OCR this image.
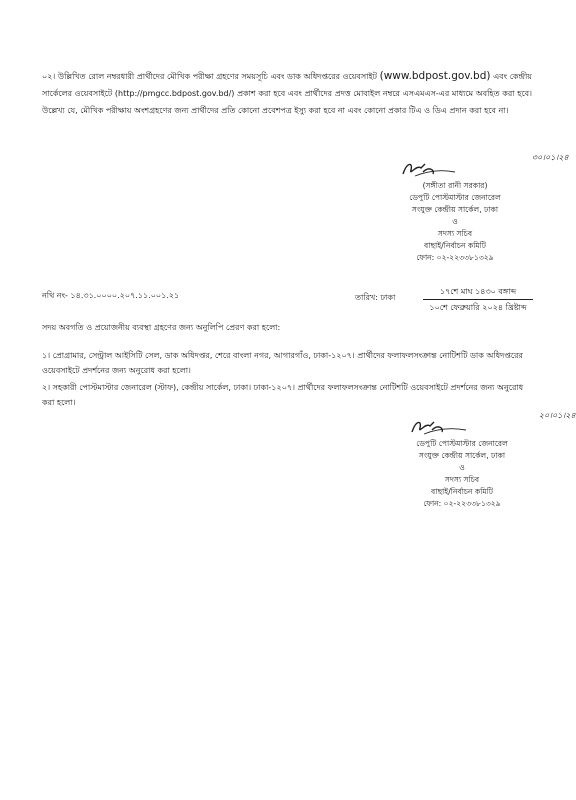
০২। উল্লিখিত রোল নম্বরধারী প্রার্থীদের মৌখিক পরীক্ষা গ্রহণের সময়সূচি এবং ডাক অধিদপ্তরের ওয়েবসাইট (www.bdpost.gov.bd) এবং কেন্দ্রীয় সার্কেলের ওয়েবসাইটে (http://pmgcc.bdpost.gov.bd/) প্রকাশ করা হবে এবং প্রার্থীদের প্রদত্ত মোবাইল নম্বরে এসএমএস-এর মাধ্যমে অবহিত করা হবে। উল্লেখ্য যে, মৌখিক পরীক্ষায় অংশগ্রহণের জন্য প্রার্থীদের প্রতি কোনো প্রবেশপত্র ইস্যু করা হবে না এবং কোনো প্রকার টিএ ও ডিএ প্রদান করা হবে না।
৩০।০১।২৪
(সঙ্গীতা রানী সরকার)
ডেপুটি পোস্টমাস্টার জেনারেল
সংযুক্ত কেন্দ্রীয় সার্কেল, ঢাকা
ও
সদস্য সচিব
বাছাই/নির্বাচন কমিটি
ফোন: ০২-২২৩৩৮১৩২৯
নথি নং- ১৪.৩১.০০০০.২০৭.১১.০০১.২১	তারিখ: ঢাকা
১৭শে মাঘ ১৪৩০ বঙ্গাব্দ
১০শে ফেব্রুয়ারি ২০২৪ খ্রিষ্টাব্দ
সদয় অবগতি ও প্রয়োজনীয় ব্যবস্থা গ্রহণের জন্য অনুলিপি প্রেরণ করা হলো:
১। প্রোগ্রামার, সেন্ট্রাল আইসিটি সেল, ডাক অধিদপ্তর, শেরে বাংলা নগর, আগারগাঁও, ঢাকা-১২০৭। প্রার্থীদের ফলাফলসংক্রান্ত নোটিশটি ডাক অধিদপ্তরের ওয়েবসাইটে প্রদর্শনের জন্য অনুরোধ করা হলো।
২। সহকারী পোস্টমাস্টার জেনারেল (স্টাফ), কেন্দ্রীয় সার্কেল, ঢাকা। ঢাকা-১২০৭। প্রার্থীদের ফলাফলসংক্রান্ত নোটিশটি ওয়েবসাইটে প্রদর্শনের জন্য অনুরোধ করা হলো।
২০।০১।২৪
ডেপুটি পোস্টমাস্টার জেনারেল
সংযুক্ত কেন্দ্রীয় সার্কেল, ঢাকা
ও
সদস্য সচিব
বাছাই/নির্বাচন কমিটি
ফোন: ০২-২২৩৩৮১৩২৯
